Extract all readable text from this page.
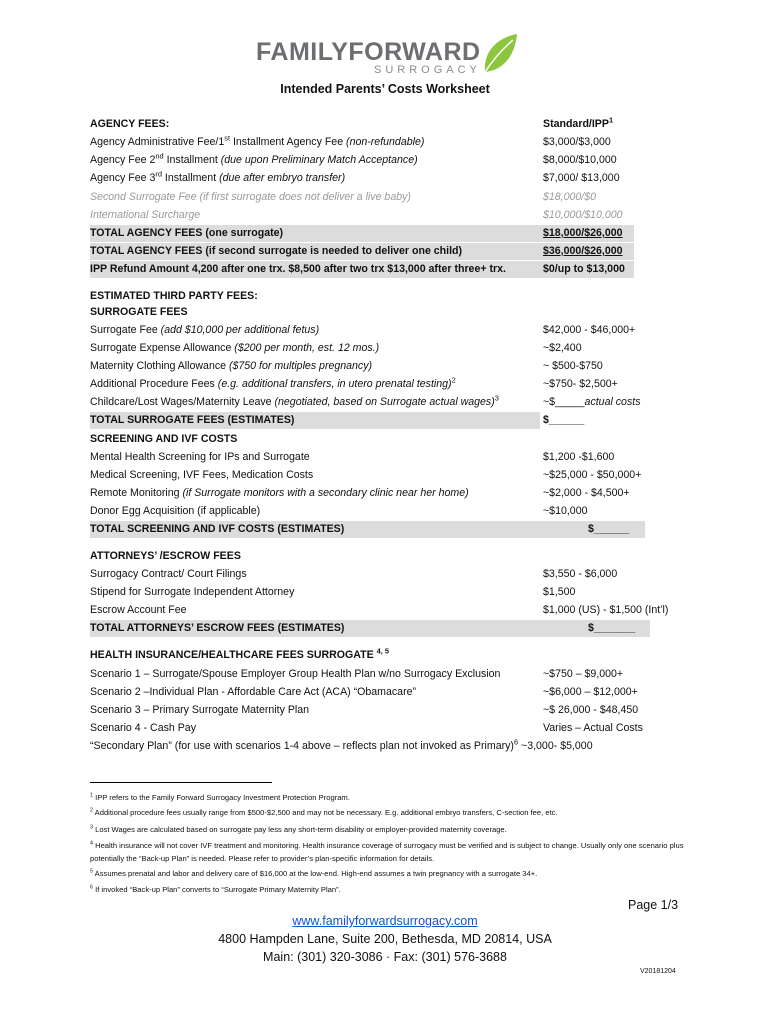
FAMILYFORWARD
SURROGACY
Intended Parents’ Costs Worksheet
AGENCY FEES:	Standard/IPP$^1$
Agency Administrative Fee/1st Installment Agency Fee (non-refundable)	$3,000/$3,000
Agency Fee 2nd Installment (due upon Preliminary Match Acceptance)	$8,000/$10,000
Agency Fee 3rd Installment (due after embryo transfer)	$7,000/ $13,000
Second Surrogate Fee (if first surrogate does not deliver a live baby)	$18,000/$0
International Surcharge	$10,000/$10,000
TOTAL AGENCY FEES (one surrogate)	$18,000/$26,000
TOTAL AGENCY FEES (if second surrogate is needed to deliver one child)	$36,000/$26,000
IPP Refund Amount 4,200 after one trx. $8,500 after two trx $13,000 after three+ trx.	$0/up to $13,000
ESTIMATED THIRD PARTY FEES:
SURROGATE FEES
Surrogate Fee (add $10,000 per additional fetus)	$42,000 - $46,000+
Surrogate Expense Allowance ($200 per month, est. 12 mos.)	~$2,400
Maternity Clothing Allowance ($750 for multiples pregnancy)	~ $500-$750
Additional Procedure Fees (e.g. additional transfers, in utero prenatal testing)$^2$	~$750- $2,500+
Childcare/Lost Wages/Maternity Leave (negotiated, based on Surrogate actual wages)$^3$	~$_____actual costs
TOTAL SURROGATE FEES (ESTIMATES)	$______
SCREENING AND IVF COSTS
Mental Health Screening for IPs and Surrogate	$1,200 -$1,600
Medical Screening, IVF Fees, Medication Costs	~$25,000 - $50,000+
Remote Monitoring (if Surrogate monitors with a secondary clinic near her home)	~$2,000 - $4,500+
Donor Egg Acquisition (if applicable)	~$10,000
TOTAL SCREENING AND IVF COSTS (ESTIMATES)	$______
ATTORNEYS’ /ESCROW FEES
Surrogacy Contract/ Court Filings	$3,550 - $6,000
Stipend for Surrogate Independent Attorney	$1,500
Escrow Account Fee	$1,000 (US) - $1,500 (Int’l)
TOTAL ATTORNEYS’ ESCROW FEES (ESTIMATES)	$_______
HEALTH INSURANCE/HEALTHCARE FEES SURROGATE $^{4, 5}$
Scenario 1 – Surrogate/Spouse Employer Group Health Plan w/no Surrogacy Exclusion	~$750 – $9,000+
Scenario 2 –Individual Plan - Affordable Care Act (ACA) “Obamacare”	~$6,000 – $12,000+
Scenario 3 – Primary Surrogate Maternity Plan	~$ 26,000 - $48,450
Scenario 4 - Cash Pay	Varies – Actual Costs
“Secondary Plan” (for use with scenarios 1-4 above – reflects plan not invoked as Primary)$^6$ ~3,000- $5,000
$^1$ IPP refers to the Family Forward Surrogacy Investment Protection Program.
$^2$ Additional procedure fees usually range from $500-$2,500 and may not be necessary. E.g. additional embryo transfers, C-section fee, etc.
$^3$ Lost Wages are calculated based on surrogate pay less any short-term disability or employer-provided maternity coverage.
$^4$ Health insurance will not cover IVF treatment and monitoring. Health insurance coverage of surrogacy must be verified and is subject to change. Usually only one scenario plus potentially the “Back-up Plan” is needed. Please refer to provider’s plan-specific information for details.
$^5$ Assumes prenatal and labor and delivery care of $16,000 at the low-end. High-end assumes a twin pregnancy with a surrogate 34+.
$^6$ If invoked “Back-up Plan” converts to “Surrogate Primary Maternity Plan”.
Page 1/3
www.familyforwardsurrogacy.com
4800 Hampden Lane, Suite 200, Bethesda, MD 20814, USA
Main: (301) 320-3086 · Fax: (301) 576-3688
V20181204
